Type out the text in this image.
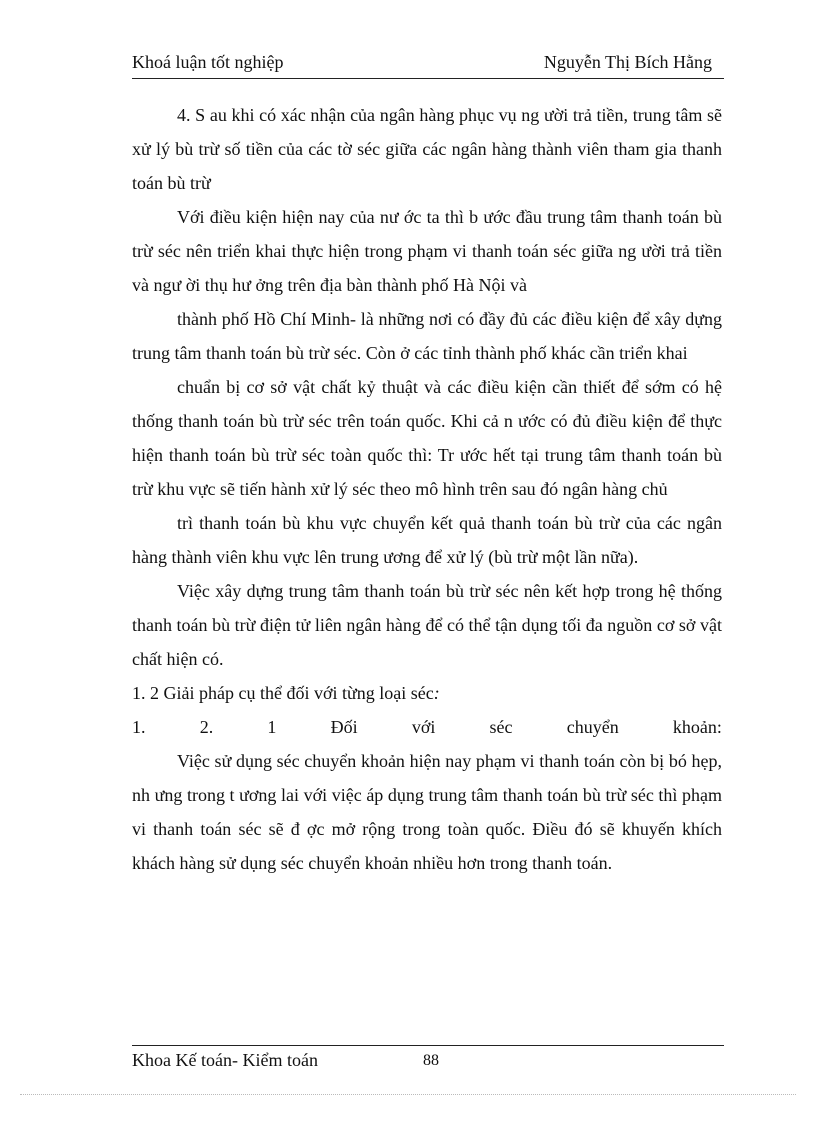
Khoá luận tốt nghiệp	Nguyễn Thị Bích Hằng

4. S au khi có xác nhận của ngân hàng phục vụ ng ười trả tiền, trung tâm sẽ xử lý bù trừ số tiền của các tờ séc giữa các ngân hàng thành viên tham gia thanh toán bù trừ

Với điều kiện hiện nay của nư ớc ta thì b ước đầu trung tâm thanh toán bù trừ séc nên triển khai thực hiện trong phạm vi thanh toán séc giữa ng ười trả tiền và ngư ời thụ hư ởng trên địa bàn thành phố Hà Nội và

thành phố Hồ Chí Minh- là những nơi có đầy đủ các điều kiện để xây dựng trung tâm thanh toán bù trừ séc. Còn ở các tỉnh thành phố khác cần triển khai

chuẩn bị cơ sở vật chất kỷ thuật và các điều kiện cần thiết để sớm có hệ thống thanh toán bù trừ séc trên toán quốc. Khi cả n ước có đủ điều kiện để thực hiện thanh toán bù trừ séc toàn quốc thì: Tr ước hết tại trung tâm thanh toán bù trừ khu vực sẽ tiến hành xử lý séc theo mô hình trên sau đó ngân hàng chủ

trì thanh toán bù khu vực chuyển kết quả thanh toán bù trừ của các ngân hàng thành viên khu vực lên trung ương để xử lý (bù trừ một lần nữa).

Việc xây dựng trung tâm thanh toán bù trừ séc nên kết hợp trong hệ thống thanh toán bù trừ điện tử liên ngân hàng để có thể tận dụng tối đa nguồn cơ sở vật chất hiện có.

1. 2 Giải pháp cụ thể đối với từng loại séc:

1.	2.	1	Đối	với	séc	chuyển	khoản:

Việc sử dụng séc chuyển khoản hiện nay phạm vi thanh toán còn bị bó hẹp, nh ưng trong t ương lai với việc áp dụng trung tâm thanh toán bù trừ séc thì phạm vi thanh toán séc sẽ đ ợc mở rộng trong toàn quốc. Điều đó sẽ khuyến khích khách hàng sử dụng séc chuyển khoản nhiều hơn trong thanh toán.

Khoa Kế toán- Kiểm toán	88
